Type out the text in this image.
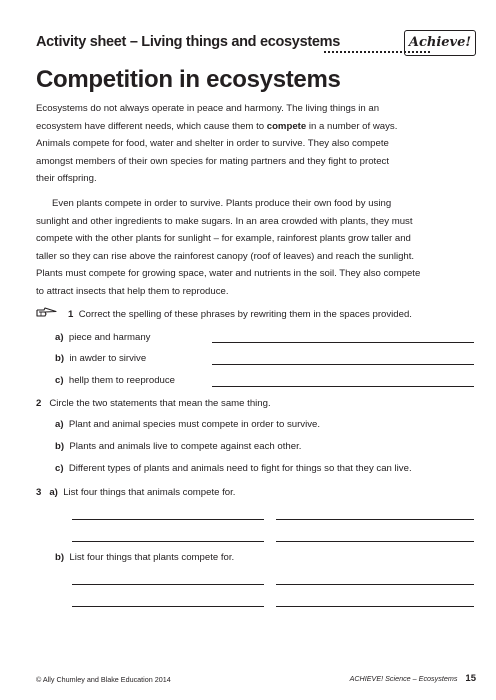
Activity sheet – Living things and ecosystems	Achieve!
Competition in ecosystems
Ecosystems do not always operate in peace and harmony. The living things in an
ecosystem have different needs, which cause them to compete in a number of ways.
Animals compete for food, water and shelter in order to survive. They also compete
amongst members of their own species for mating partners and they fight to protect
their offspring.
Even plants compete in order to survive. Plants produce their own food by using
sunlight and other ingredients to make sugars. In an area crowded with plants, they must
compete with the other plants for sunlight – for example, rainforest plants grow taller and
taller so they can rise above the rainforest canopy (roof of leaves) and reach the sunlight.
Plants must compete for growing space, water and nutrients in the soil. They also compete
to attract insects that help them to reproduce.
1 Correct the spelling of these phrases by rewriting them in the spaces provided.
a) piece and harmany
b) in awder to sirvive
c) hellp them to reeproduce
2 Circle the two statements that mean the same thing.
a) Plant and animal species must compete in order to survive.
b) Plants and animals live to compete against each other.
c) Different types of plants and animals need to fight for things so that they can live.
3 a) List four things that animals compete for.
b) List four things that plants compete for.
© Ally Chumley and Blake Education 2014	ACHIEVE! Science – Ecosystems 15
